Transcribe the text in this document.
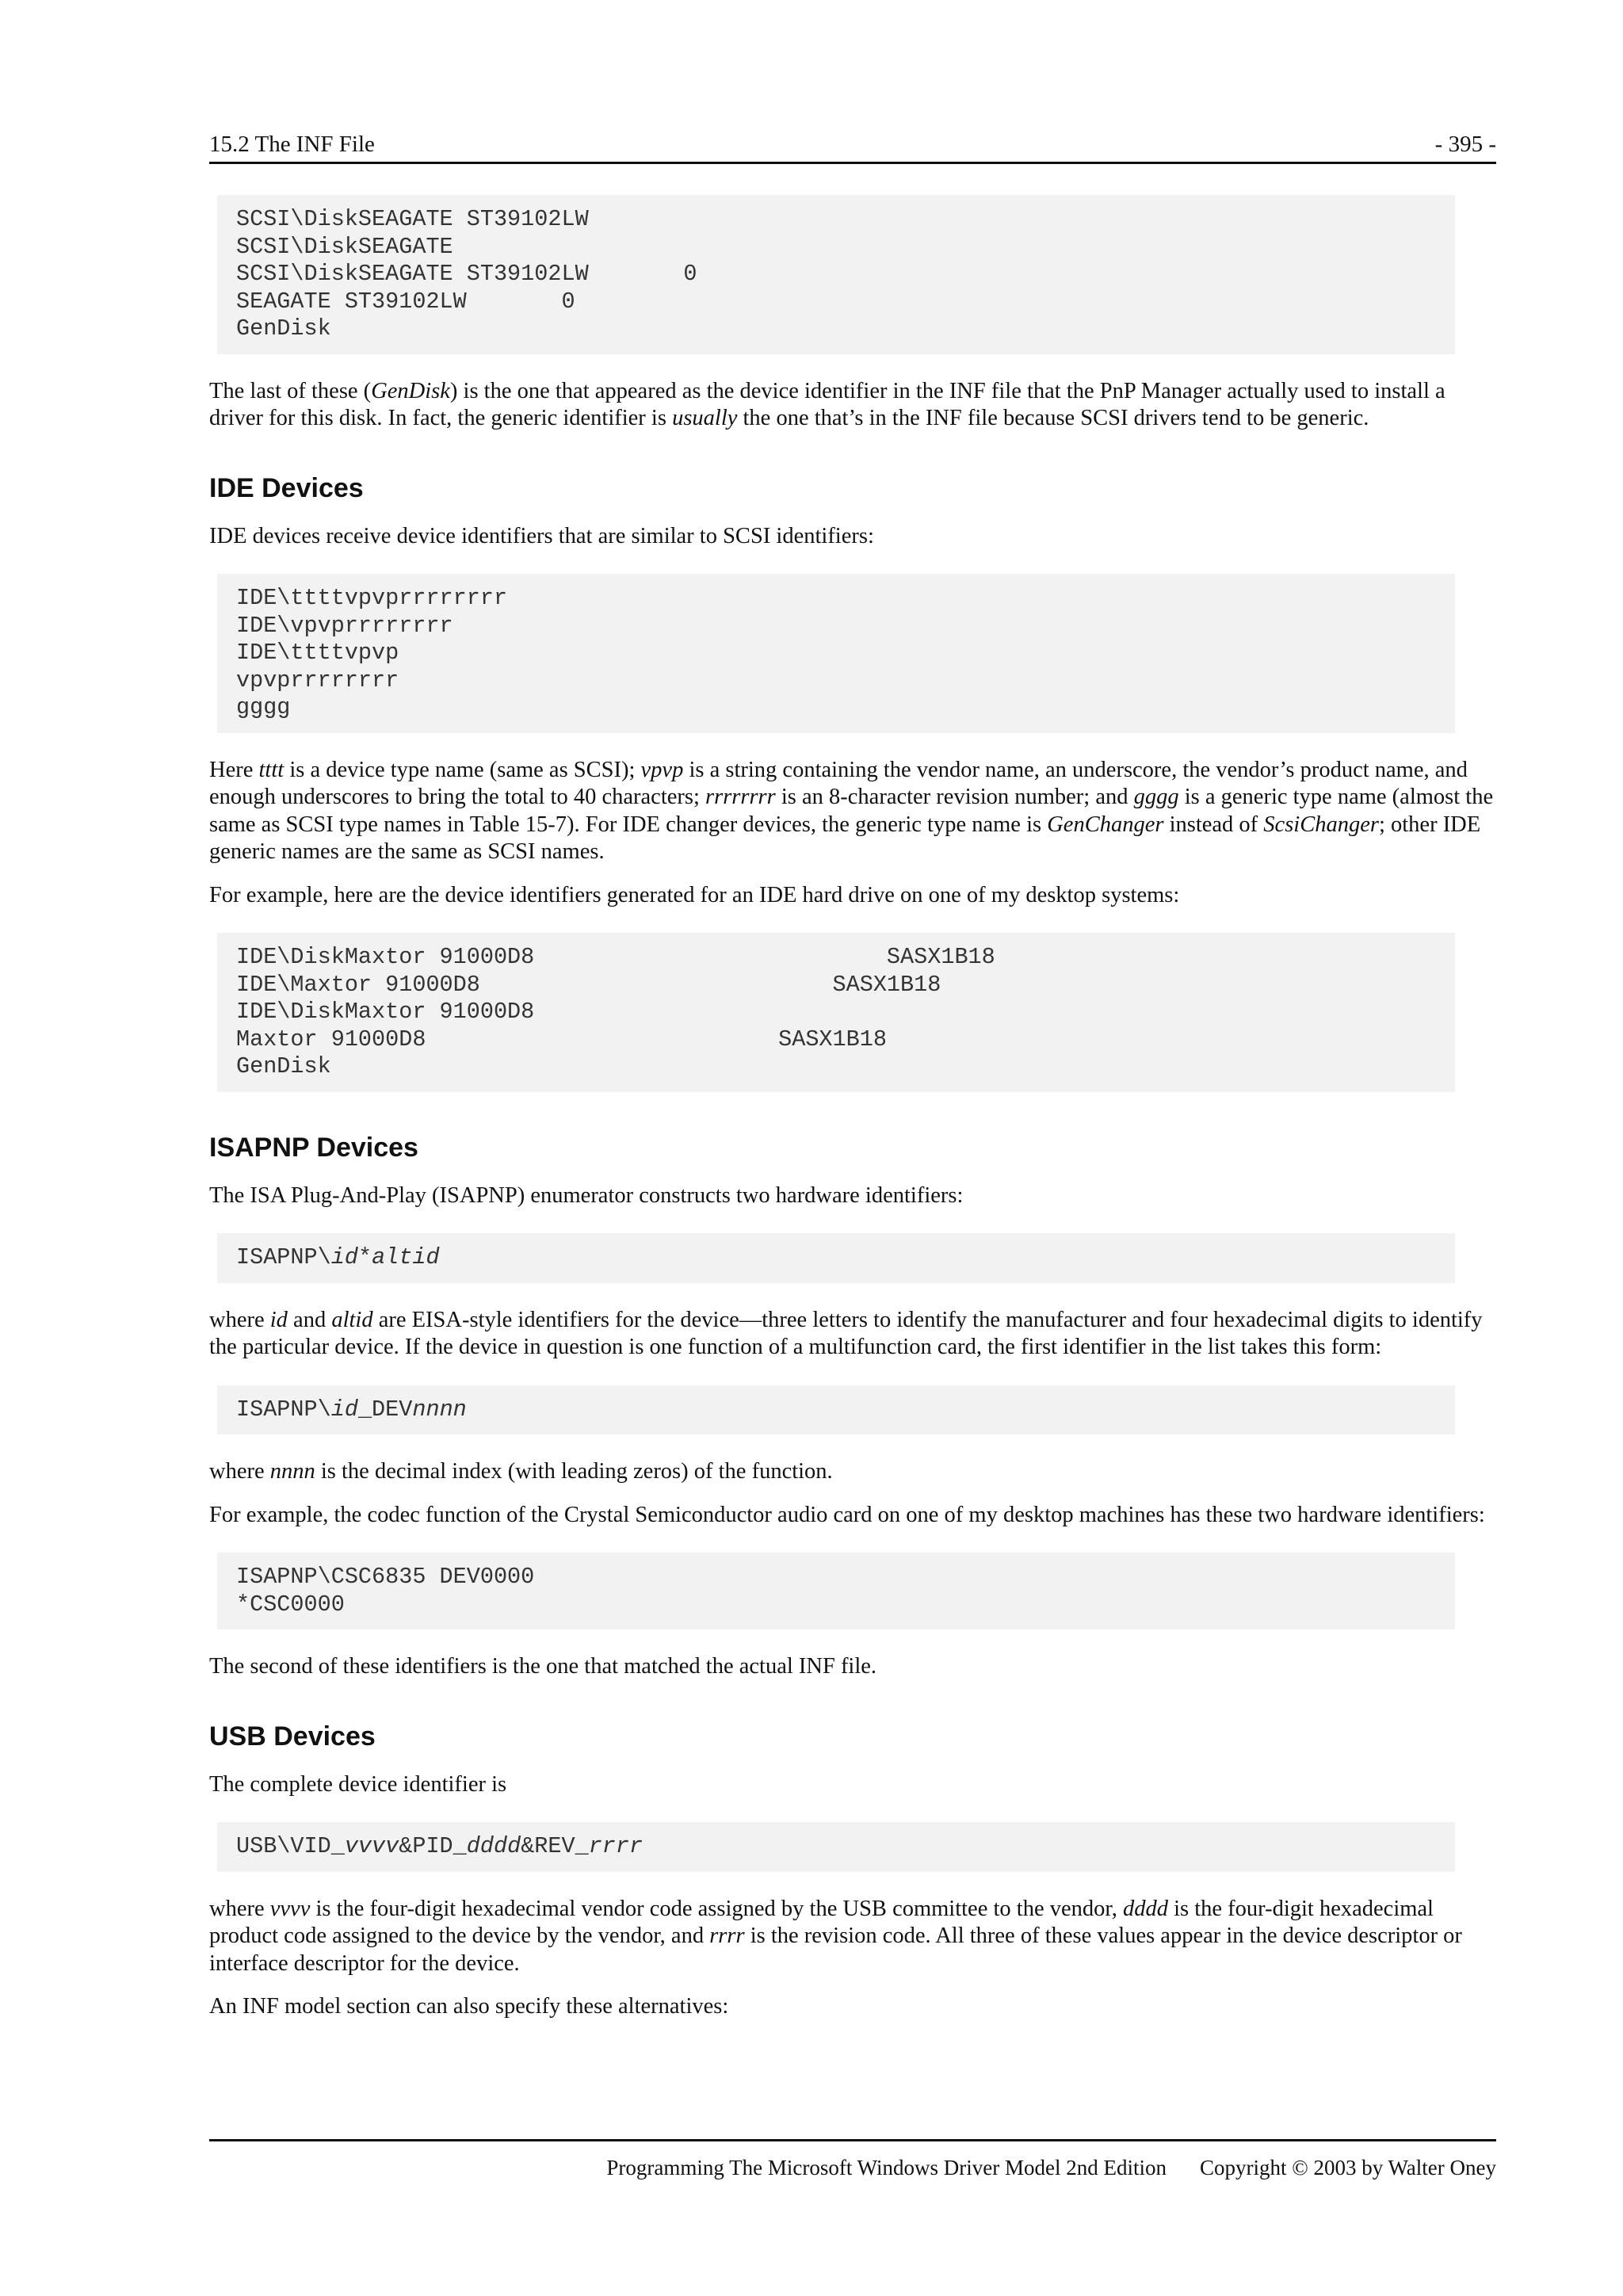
15.2 The INF File	- 395 -
SCSI\DiskSEAGATE ST39102LW
SCSI\DiskSEAGATE
SCSI\DiskSEAGATE ST39102LW       0
SEAGATE ST39102LW       0
GenDisk

The last of these (GenDisk) is the one that appeared as the device identifier in the INF file that the PnP Manager actually used to install a driver for this disk. In fact, the generic identifier is usually the one that’s in the INF file because SCSI drivers tend to be generic.

IDE Devices

IDE devices receive device identifiers that are similar to SCSI identifiers:

IDE\ttttvpvprrrrrrrr
IDE\vpvprrrrrrrr
IDE\ttttvpvp
vpvprrrrrrrr
gggg

Here tttt is a device type name (same as SCSI); vpvp is a string containing the vendor name, an underscore, the vendor’s product name, and enough underscores to bring the total to 40 characters; rrrrrrrr is an 8-character revision number; and gggg is a generic type name (almost the same as SCSI type names in Table 15-7). For IDE changer devices, the generic type name is GenChanger instead of ScsiChanger; other IDE generic names are the same as SCSI names.

For example, here are the device identifiers generated for an IDE hard drive on one of my desktop systems:

IDE\DiskMaxtor 91000D8                          SASX1B18
IDE\Maxtor 91000D8                          SASX1B18
IDE\DiskMaxtor 91000D8
Maxtor 91000D8                          SASX1B18
GenDisk
ISAPNP Devices

The ISA Plug-And-Play (ISAPNP) enumerator constructs two hardware identifiers:

ISAPNP\id*altid

where id and altid are EISA-style identifiers for the device—three letters to identify the manufacturer and four hexadecimal digits to identify the particular device. If the device in question is one function of a multifunction card, the first identifier in the list takes this form:

ISAPNP\id_DEVnnnn

where nnnn is the decimal index (with leading zeros) of the function.

For example, the codec function of the Crystal Semiconductor audio card on one of my desktop machines has these two hardware identifiers:

ISAPNP\CSC6835 DEV0000
*CSC0000

The second of these identifiers is the one that matched the actual INF file.

USB Devices

The complete device identifier is

USB\VID_vvvv&PID_dddd&REV_rrrr

where vvvv is the four-digit hexadecimal vendor code assigned by the USB committee to the vendor, dddd is the four-digit hexadecimal product code assigned to the device by the vendor, and rrrr is the revision code. All three of these values appear in the device descriptor or interface descriptor for the device.

An INF model section can also specify these alternatives:

Programming The Microsoft Windows Driver Model 2nd Edition Copyright © 2003 by Walter Oney
